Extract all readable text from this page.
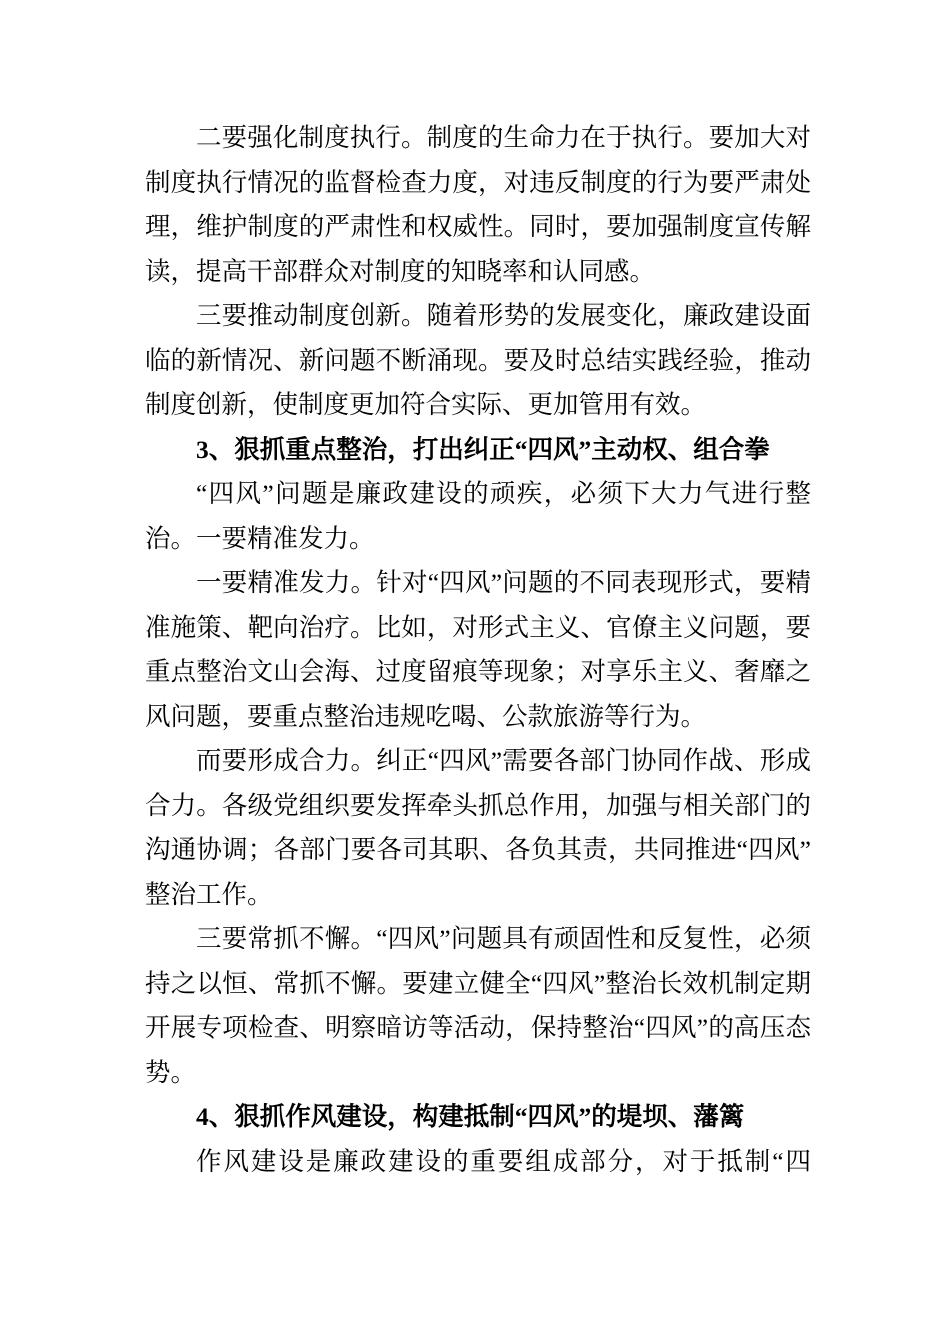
二要强化制度执行。制度的生命力在于执行。要加大对制度执行情况的监督检查力度，对违反制度的行为要严肃处理，维护制度的严肃性和权威性。同时，要加强制度宣传解读，提高干部群众对制度的知晓率和认同感。

三要推动制度创新。随着形势的发展变化，廉政建设面临的新情况、新问题不断涌现。要及时总结实践经验，推动制度创新，使制度更加符合实际、更加管用有效。

3、狠抓重点整治，打出纠正“四风”主动权、组合拳

“四风”问题是廉政建设的顽疾，必须下大力气进行整治。一要精准发力。

一要精准发力。针对“四风”问题的不同表现形式，要精准施策、靶向治疗。比如，对形式主义、官僚主义问题，要重点整治文山会海、过度留痕等现象；对享乐主义、奢靡之风问题，要重点整治违规吃喝、公款旅游等行为。

而要形成合力。纠正“四风”需要各部门协同作战、形成合力。各级党组织要发挥牵头抓总作用，加强与相关部门的沟通协调；各部门要各司其职、各负其责，共同推进“四风”整治工作。

三要常抓不懈。“四风”问题具有顽固性和反复性，必须持之以恒、常抓不懈。要建立健全“四风”整治长效机制定期开展专项检查、明察暗访等活动，保持整治“四风”的高压态势。

4、狠抓作风建设，构建抵制“四风”的堤坝、藩篱

作风建设是廉政建设的重要组成部分，对于抵制“四
